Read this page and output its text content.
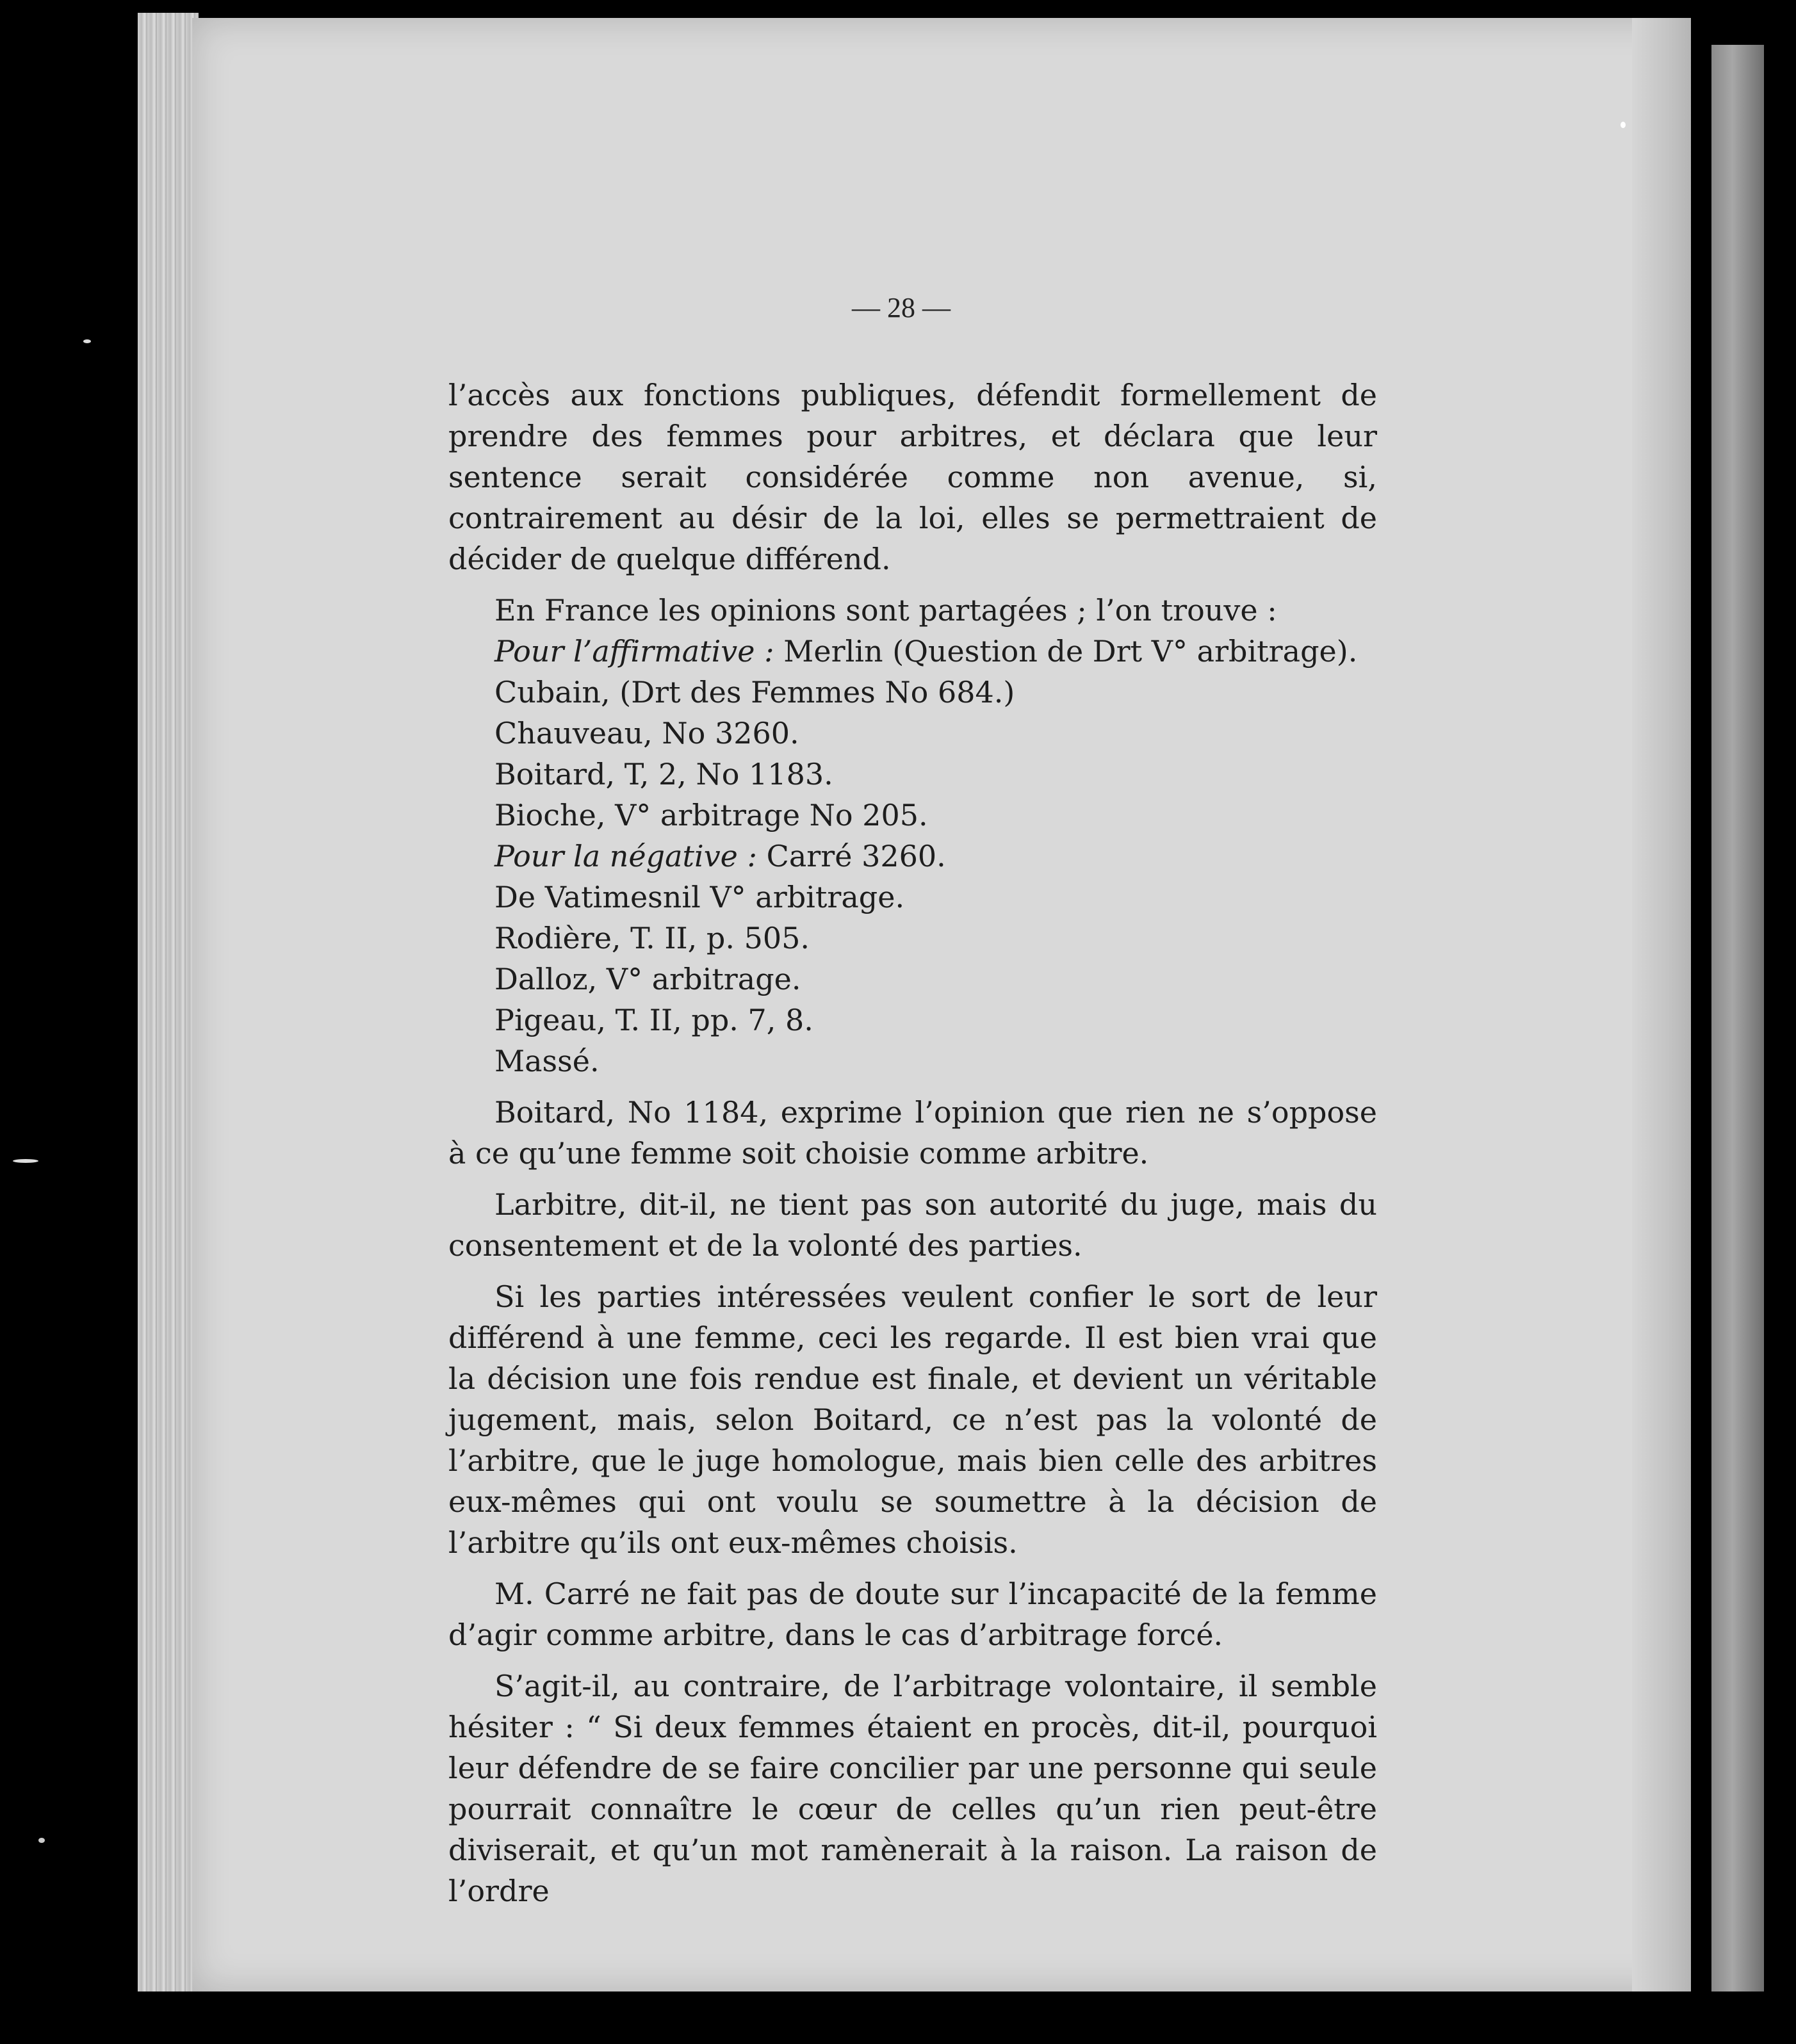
— 28 —

l’accès aux fonctions publiques, défendit formellement de prendre des femmes pour arbitres, et déclara que leur sentence serait considérée comme non avenue, si, contrairement au désir de la loi, elles se permettraient de décider de quelque différend.

En France les opinions sont partagées ; l’on trouve :

Pour l’affirmative : Merlin (Question de Drt V° arbitrage).

Cubain, (Drt des Femmes No 684.)

Chauveau, No 3260.

Boitard, T, 2, No 1183.

Bioche, V° arbitrage No 205.

Pour la négative : Carré 3260.

De Vatimesnil V° arbitrage.

Rodière, T. II, p. 505.

Dalloz, V° arbitrage.

Pigeau, T. II, pp. 7, 8.

Massé.

Boitard, No 1184, exprime l’opinion que rien ne s’oppose à ce qu’une femme soit choisie comme arbitre.

Larbitre, dit-il, ne tient pas son autorité du juge, mais du consentement et de la volonté des parties.

Si les parties intéressées veulent confier le sort de leur différend à une femme, ceci les regarde. Il est bien vrai que la décision une fois rendue est finale, et devient un véritable jugement, mais, selon Boitard, ce n’est pas la volonté de l’arbitre, que le juge homologue, mais bien celle des arbitres eux-mêmes qui ont voulu se soumettre à la décision de l’arbitre qu’ils ont eux-mêmes choisis.

M. Carré ne fait pas de doute sur l’incapacité de la femme d’agir comme arbitre, dans le cas d’arbitrage forcé.

S’agit-il, au contraire, de l’arbitrage volontaire, il semble hésiter : “ Si deux femmes étaient en procès, dit-il, pourquoi leur défendre de se faire concilier par une personne qui seule pourrait connaître le cœur de celles qu’un rien peut-être diviserait, et qu’un mot ramènerait à la raison. La raison de l’ordre
